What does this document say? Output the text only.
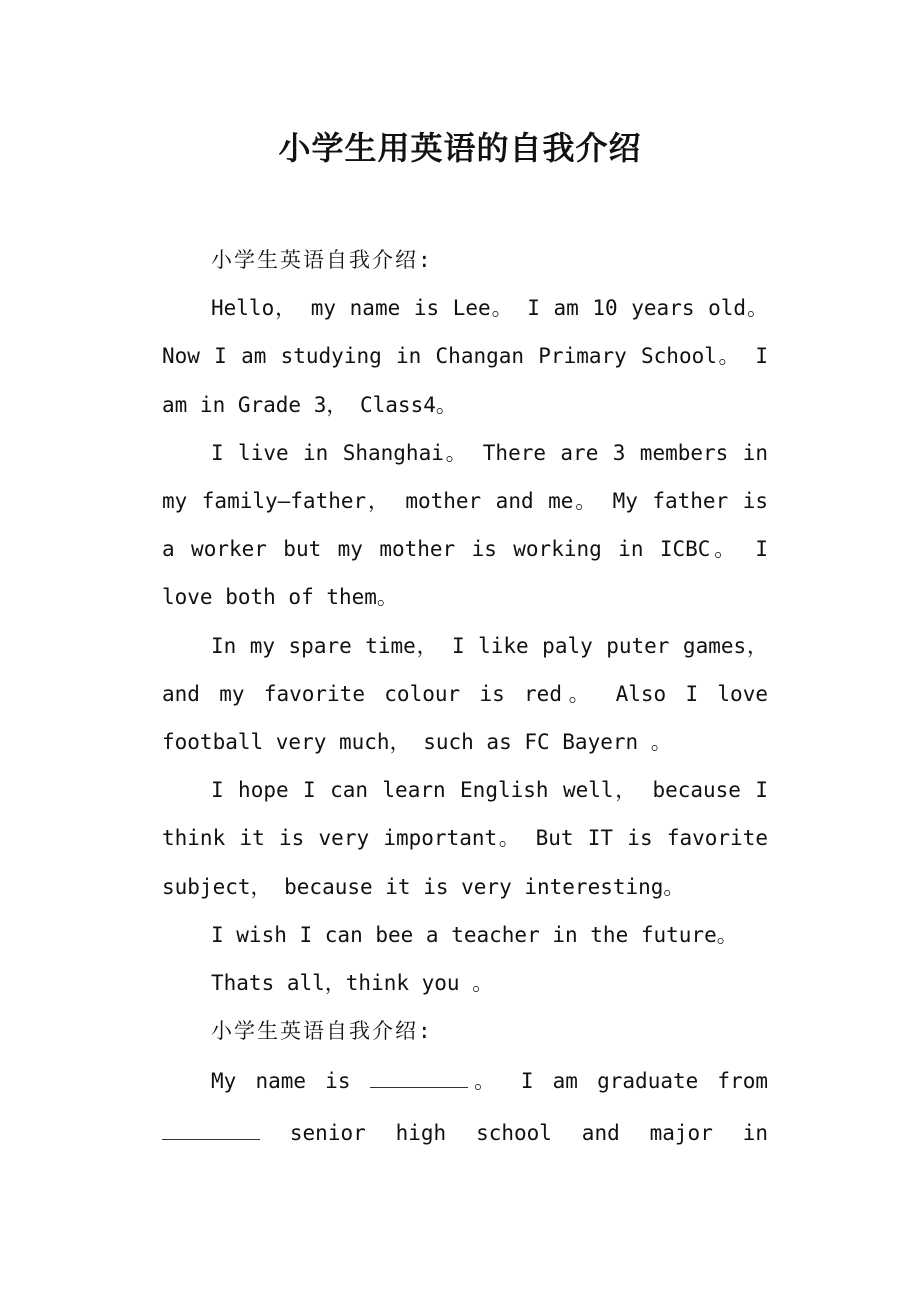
小学生用英语的自我介绍

小学生英语自我介绍:

Hello， my name is Lee。 I am 10 years old。 Now I am studying in Changan Primary School。 I am in Grade 3， Class4。

I live in Shanghai。 There are 3 members in my family—father， mother and me。 My father is a worker but my mother is working in ICBC。 I love both of them。

In my spare time， I like paly puter games， and my favorite colour is red。 Also I love football very much， such as FC Bayern 。

I hope I can learn English well， because I think it is very important。 But IT is favorite subject， because it is very interesting。

I wish I can bee a teacher in the future。

Thats all，think you 。

小学生英语自我介绍:

My name is	。 I am graduate from  senior high school and major in
